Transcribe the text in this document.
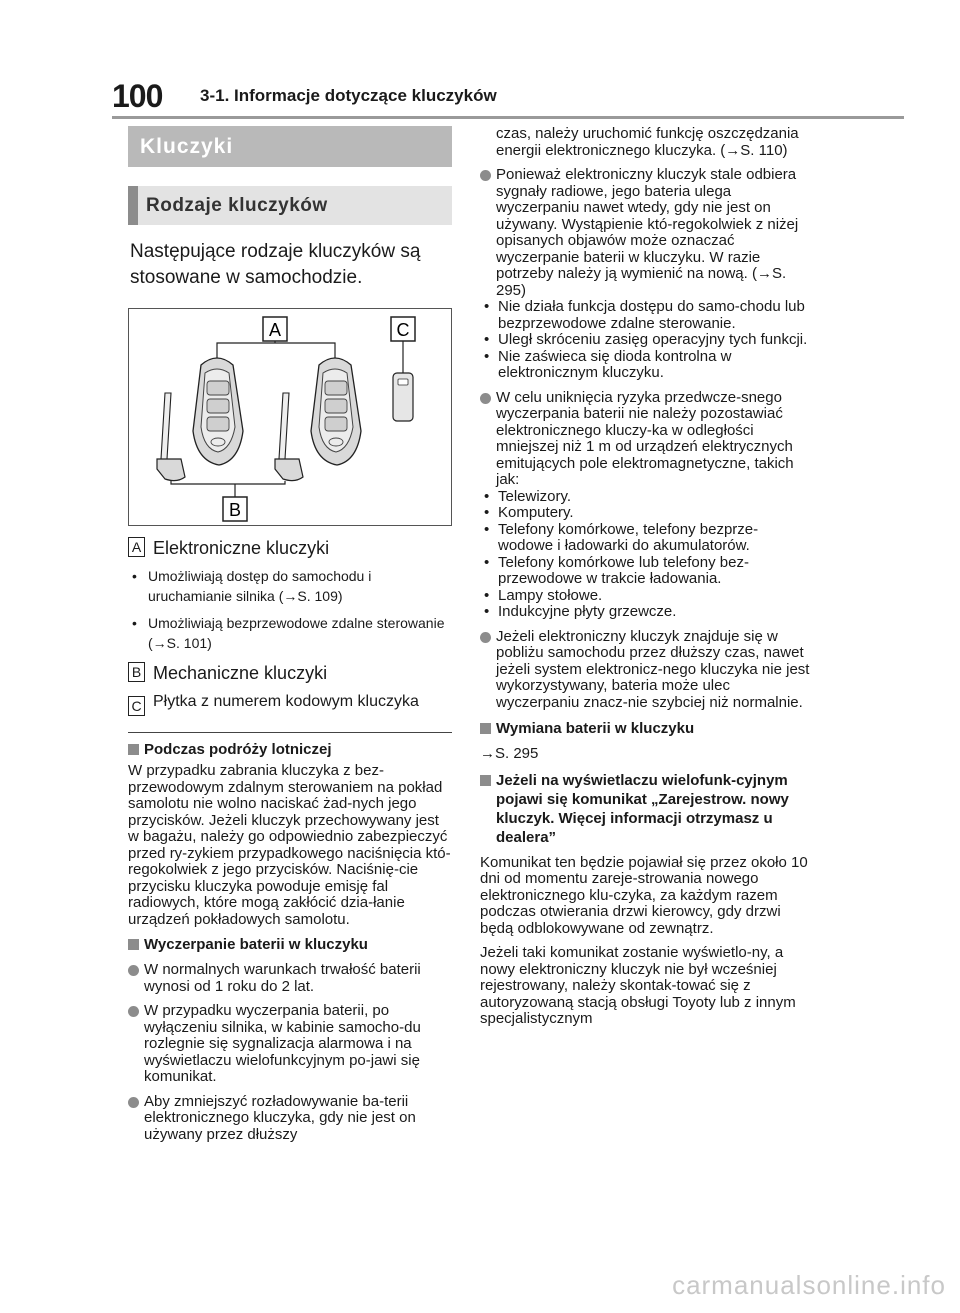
100 3-1. Informacje dotyczące kluczyków
Kluczyki
Rodzaje kluczyków
Następujące rodzaje kluczyków są stosowane w samochodzie.
A	C
B
A Elektroniczne kluczyki
• Umożliwiają dostęp do samochodu i uruchamianie silnika (→S. 109)
• Umożliwiają bezprzewodowe zdalne sterowanie (→S. 101)
B Mechaniczne kluczyki
C Płytka z numerem kodowym kluczyka
Podczas podróży lotniczej
W przypadku zabrania kluczyka z bez-przewodowym zdalnym sterowaniem na pokład samolotu nie wolno naciskać żad-nych jego przycisków. Jeżeli kluczyk przechowywany jest w bagażu, należy go odpowiednio zabezpieczyć przed ry-zykiem przypadkowego naciśnięcia któ-regokolwiek z jego przycisków. Naciśnię-cie przycisku kluczyka powoduje emisję fal radiowych, które mogą zakłócić dzia-łanie urządzeń pokładowych samolotu.
Wyczerpanie baterii w kluczyku
W normalnych warunkach trwałość baterii wynosi od 1 roku do 2 lat.
W przypadku wyczerpania baterii, po wyłączeniu silnika, w kabinie samocho-du rozlegnie się sygnalizacja alarmowa i na wyświetlaczu wielofunkcyjnym po-jawi się komunikat.
Aby zmniejszyć rozładowywanie ba-terii elektronicznego kluczyka, gdy nie jest on używany przez dłuższy
czas, należy uruchomić funkcję oszczędzania energii elektronicznego kluczyka. (→S. 110)
Ponieważ elektroniczny kluczyk stale odbiera sygnały radiowe, jego bateria ulega wyczerpaniu nawet wtedy, gdy nie jest on używany. Wystąpienie któ-regokolwiek z niżej opisanych objawów może oznaczać wyczerpanie baterii w kluczyku. W razie potrzeby należy ją wymienić na nową. (→S. 295)
• Nie działa funkcja dostępu do samo-chodu lub bezprzewodowe zdalne sterowanie.
• Uległ skróceniu zasięg operacyjny tych funkcji.
• Nie zaświeca się dioda kontrolna w elektronicznym kluczyku.
W celu uniknięcia ryzyka przedwcze-snego wyczerpania baterii nie należy pozostawiać elektronicznego kluczy-ka w odległości mniejszej niż 1 m od urządzeń elektrycznych emitujących pole elektromagnetyczne, takich jak:
• Telewizory.
• Komputery.
• Telefony komórkowe, telefony bezprze-wodowe i ładowarki do akumulatorów.
• Telefony komórkowe lub telefony bez-przewodowe w trakcie ładowania.
• Lampy stołowe.
• Indukcyjne płyty grzewcze.
Jeżeli elektroniczny kluczyk znajduje się w pobliżu samochodu przez dłuższy czas, nawet jeżeli system elektronicz-nego kluczyka nie jest wykorzystywany, bateria może ulec wyczerpaniu znacz-nie szybciej niż normalnie.
Wymiana baterii w kluczyku
→S. 295
Jeżeli na wyświetlaczu wielofunk-cyjnym pojawi się komunikat „Zarejestrow. nowy kluczyk. Więcej informacji otrzymasz u dealera”
Komunikat ten będzie pojawiał się przez około 10 dni od momentu zareje-strowania nowego elektronicznego klu-czyka, za każdym razem podczas otwierania drzwi kierowcy, gdy drzwi będą odblokowywane od zewnątrz.
Jeżeli taki komunikat zostanie wyświetlo-ny, a nowy elektroniczny kluczyk nie był wcześniej rejestrowany, należy skontak-tować się z autoryzowaną stacją obsługi Toyoty lub z innym specjalistycznym
carmanualsonline.info
